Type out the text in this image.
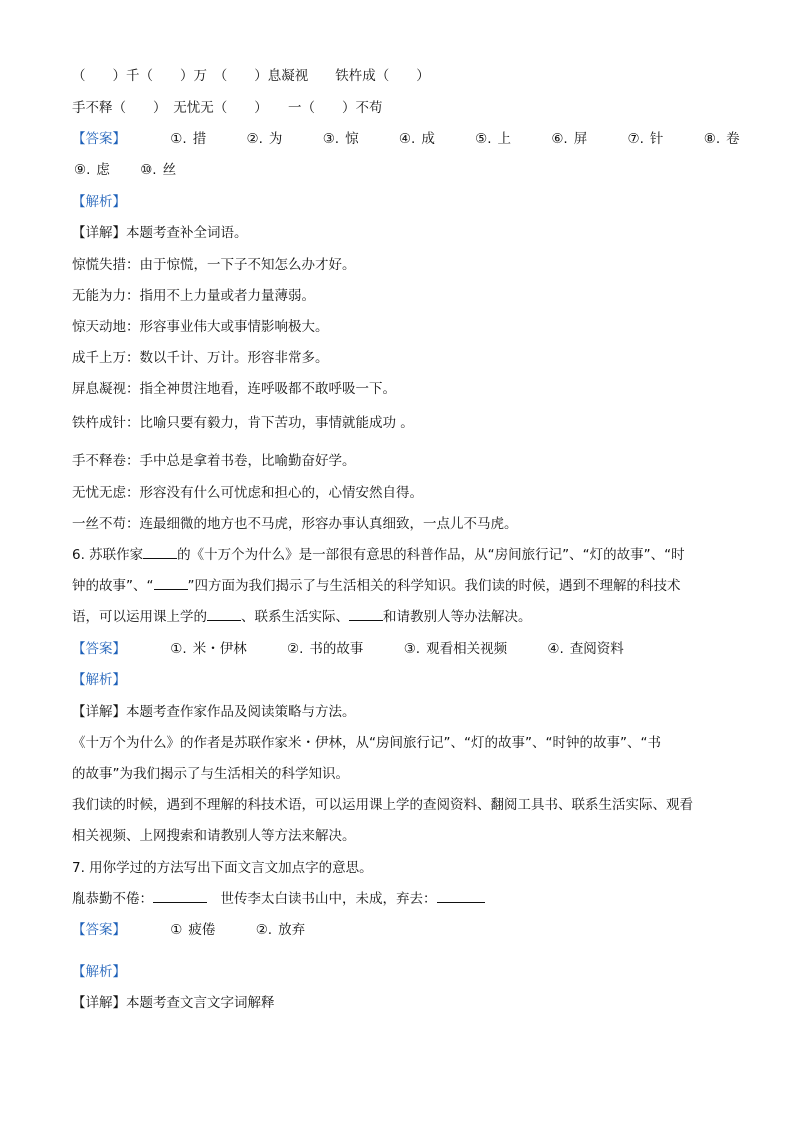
（　　）千（　　）万　（　　）息凝视　　铁杵成（　　）
手不释（　　）　无忧无（　　）　　一（　　）不苟
【答案】	①. 措	②. 为	③. 惊	④. 成	⑤. 上	⑥. 屏	⑦. 针	⑧. 卷
⑨. 虑 ⑩. 丝
【解析】
【详解】本题考查补全词语。
惊慌失措：由于惊慌，一下子不知怎么办才好。
无能为力：指用不上力量或者力量薄弱。
惊天动地：形容事业伟大或事情影响极大。
成千上万：数以千计、万计。形容非常多。
屏息凝视：指全神贯注地看，连呼吸都不敢呼吸一下。
铁杵成针：比喻只要有毅力，肯下苦功，事情就能成功 。
手不释卷：手中总是拿着书卷，比喻勤奋好学。
无忧无虑：形容没有什么可忧虑和担心的，心情安然自得。
一丝不苟：连最细微的地方也不马虎，形容办事认真细致，一点儿不马虎。
6. 苏联作家	的《十万个为什么》是一部很有意思的科普作品，从“房间旅行记”、“灯的故事”、“时
钟的故事”、“	”四方面为我们揭示了与生活相关的科学知识。我们读的时候，遇到不理解的科技术
语，可以运用课上学的	、联系生活实际、	和请教别人等办法解决。
【答案】	①. 米・伊林	②. 书的故事	③. 观看相关视频	④. 查阅资料
【解析】
【详解】本题考查作家作品及阅读策略与方法。
《十万个为什么》的作者是苏联作家米・伊林，从“房间旅行记”、“灯的故事”、“时钟的故事”、“书
的故事”为我们揭示了与生活相关的科学知识。
我们读的时候，遇到不理解的科技术语，可以运用课上学的查阅资料、翻阅工具书、联系生活实际、观看
相关视频、上网搜索和请教别人等方法来解决。
7. 用你学过的方法写出下面文言文加点字的意思。
胤恭勤不倦：　	世传李太白读书山中，未成，弃去：
【答案】	① 疲倦	②. 放弃
【解析】
【详解】本题考查文言文字词解释
